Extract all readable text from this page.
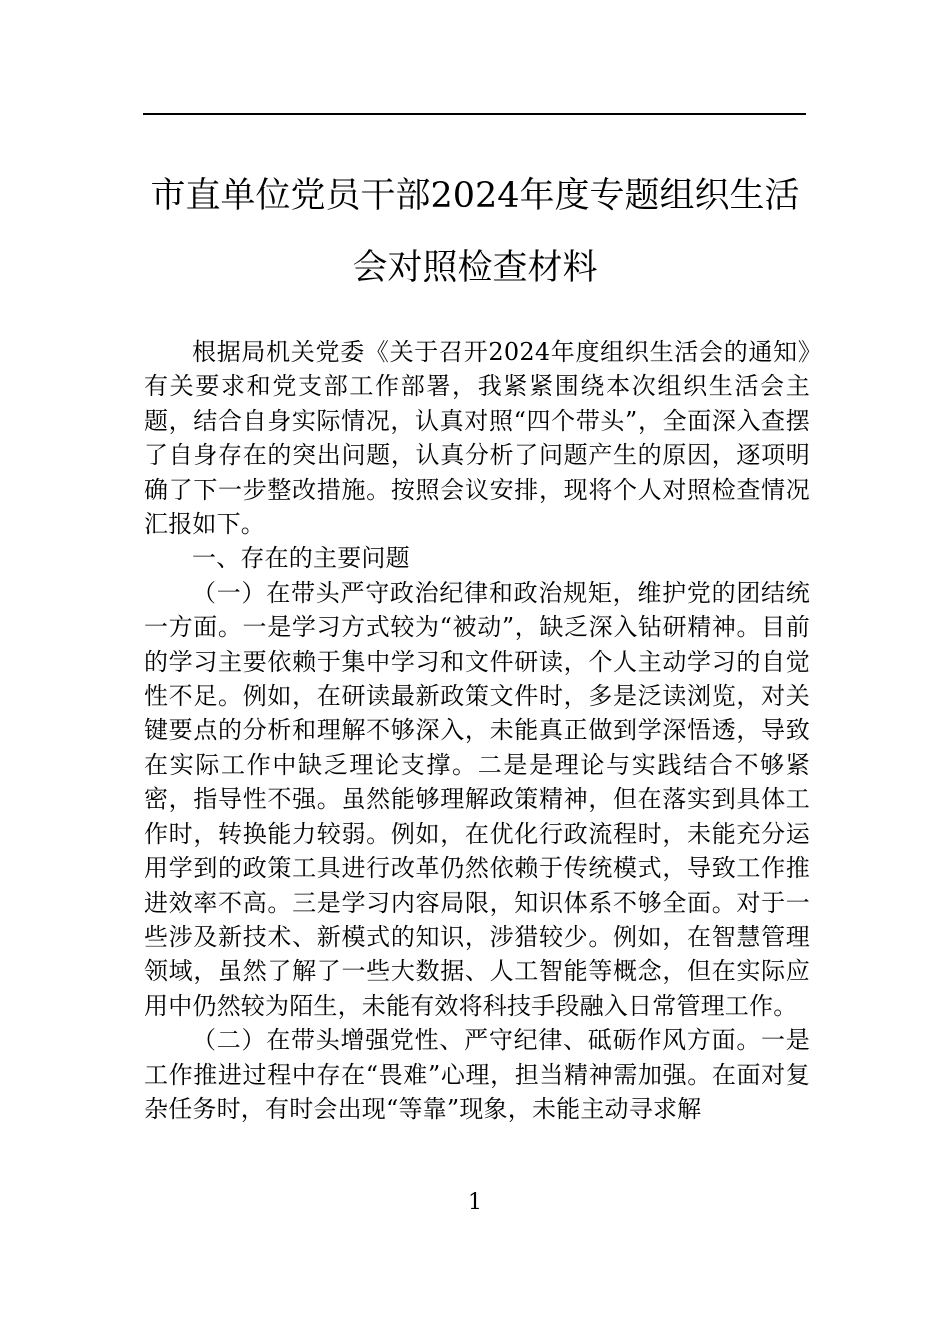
市直单位党员干部2024年度专题组织生活会对照检查材料

根据局机关党委《关于召开2024年度组织生活会的通知》有关要求和党支部工作部署，我紧紧围绕本次组织生活会主题，结合自身实际情况，认真对照“四个带头”，全面深入查摆了自身存在的突出问题，认真分析了问题产生的原因，逐项明确了下一步整改措施。按照会议安排，现将个人对照检查情况汇报如下。

一、存在的主要问题

（一）在带头严守政治纪律和政治规矩，维护党的团结统一方面。一是学习方式较为“被动”，缺乏深入钻研精神。目前的学习主要依赖于集中学习和文件研读，个人主动学习的自觉性不足。例如，在研读最新政策文件时，多是泛读浏览，对关键要点的分析和理解不够深入，未能真正做到学深悟透，导致在实际工作中缺乏理论支撑。二是是理论与实践结合不够紧密，指导性不强。虽然能够理解政策精神，但在落实到具体工作时，转换能力较弱。例如，在优化行政流程时，未能充分运用学到的政策工具进行改革仍然依赖于传统模式，导致工作推进效率不高。三是学习内容局限，知识体系不够全面。对于一些涉及新技术、新模式的知识，涉猎较少。例如，在智慧管理领域，虽然了解了一些大数据、人工智能等概念，但在实际应用中仍然较为陌生，未能有效将科技手段融入日常管理工作。

（二）在带头增强党性、严守纪律、砥砺作风方面。一是工作推进过程中存在“畏难”心理，担当精神需加强。在面对复杂任务时，有时会出现“等靠”现象，未能主动寻求解

1
